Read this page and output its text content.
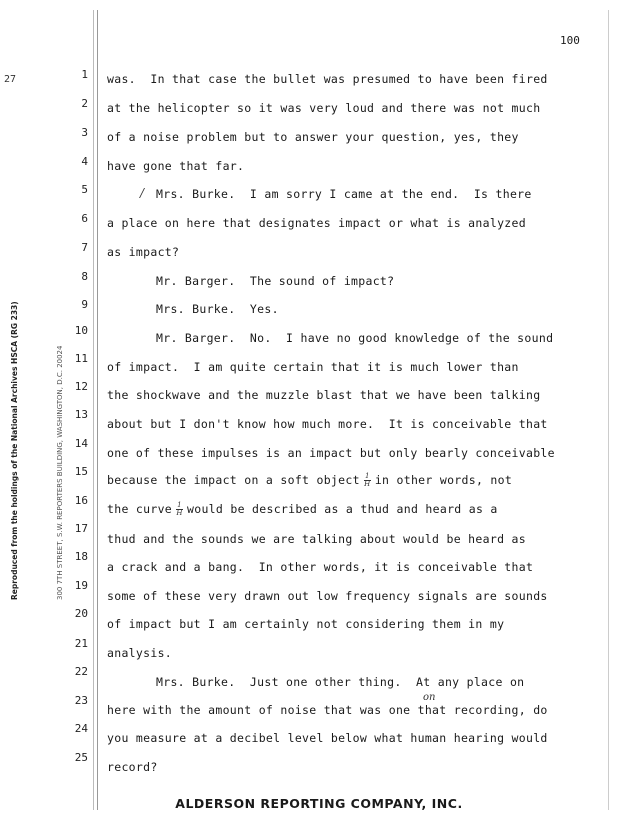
100
27
Reproduced from the holdings of the National Archives HSCA (RG 233)	300 7TH STREET, S.W. REPORTERS BUILDING, WASHINGTON, D.C. 20024
1
2
3
4
5
6
7
8
9
10
11
12
13
14
15
16
17
18
19
20
21
22
23
24
25
was.  In that case the bullet was presumed to have been fired
at the helicopter so it was very loud and there was not much
of a noise problem but to answer your question, yes, they
have gone that far.
Mrs. Burke.  I am sorry I came at the end.  Is there
a place on here that designates impact or what is analyzed
as impact?
Mr. Barger.  The sound of impact?
Mrs. Burke.  Yes.
Mr. Barger.  No.  I have no good knowledge of the sound
of impact.  I am quite certain that it is much lower than
the shockwave and the muzzle blast that we have been talking
about but I don't know how much more.  It is conceivable that
one of these impulses is an impact but only bearly conceivable
because the impact on a soft object $\frac{1}{H}$ in other words, not
the curve $\frac{1}{H}$ would be described as a thud and heard as a
thud and the sounds we are talking about would be heard as
a crack and a bang.  In other words, it is conceivable that
some of these very drawn out low frequency signals are sounds
of impact but I am certainly not considering them in my
analysis.
Mrs. Burke.  Just one other thing.  At any place on
here with the amount of noise that was one that recording, do
you measure at a decibel level below what human hearing would
record?
/
on
ALDERSON REPORTING COMPANY, INC.
